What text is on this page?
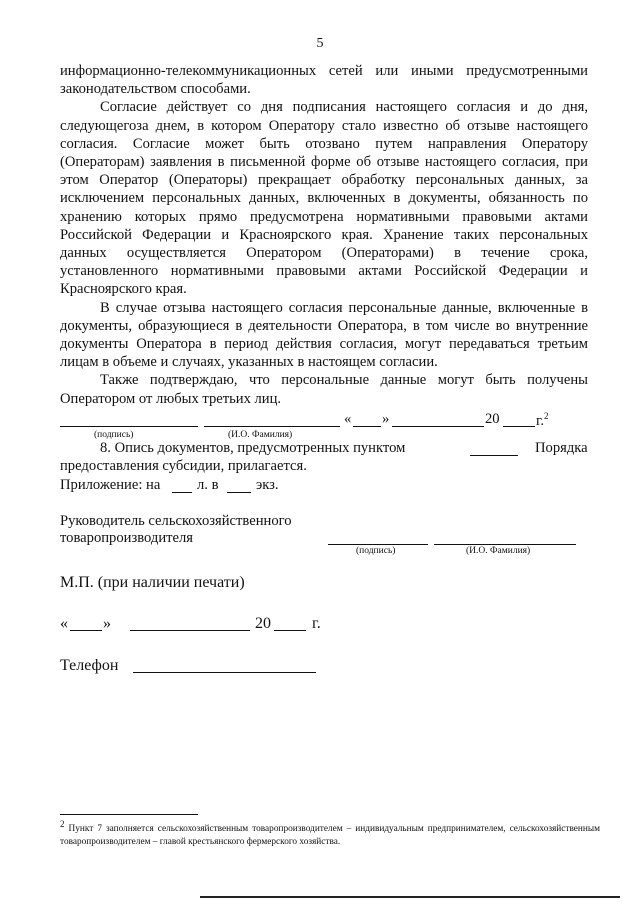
5

информационно-телекоммуникационных сетей или иными предусмотренными законодательством способами.

Согласие действует со дня подписания настоящего согласия и до дня, следующегоза днем, в котором Оператору стало известно об отзыве настоящего согласия. Согласие может быть отозвано путем направления Оператору (Операторам) заявления в письменной форме об отзыве настоящего согласия, при этом Оператор (Операторы) прекращает обработку персональных данных, за исключением персональных данных, включенных в документы, обязанность по хранению которых прямо предусмотрена нормативными правовыми актами Российской Федерации и Красноярского края. Хранение таких персональных данных осуществляется Оператором (Операторами) в течение срока, установленного нормативными правовыми актами Российской Федерации и Красноярского края.

В случае отзыва настоящего согласия персональные данные, включенные в документы, образующиеся в деятельности Оператора, в том числе во внутренние документы Оператора в период действия согласия, могут передаваться третьим лицам в объеме и случаях, указанных в настоящем согласии.

Также подтверждаю, что персональные данные могут быть получены Оператором от любых третьих лиц.

« »	20 г.$^2$
(подпись)	(И.О. Фамилия)
8. Опись документов, предусмотренных пунктом	Порядка
предоставления субсидии, прилагается.
Приложение: на	л. в	экз.
Руководитель сельскохозяйственного
товаропроизводителя
(подпись)	(И.О. Фамилия)
М.П. (при наличии печати)
« »	20	г.
Телефон
$^2$ Пункт 7 заполняется сельскохозяйственным товаропроизводителем – индивидуальным предпринимателем, сельскохозяйственным товаропроизводителем – главой крестьянского фермерского хозяйства.
